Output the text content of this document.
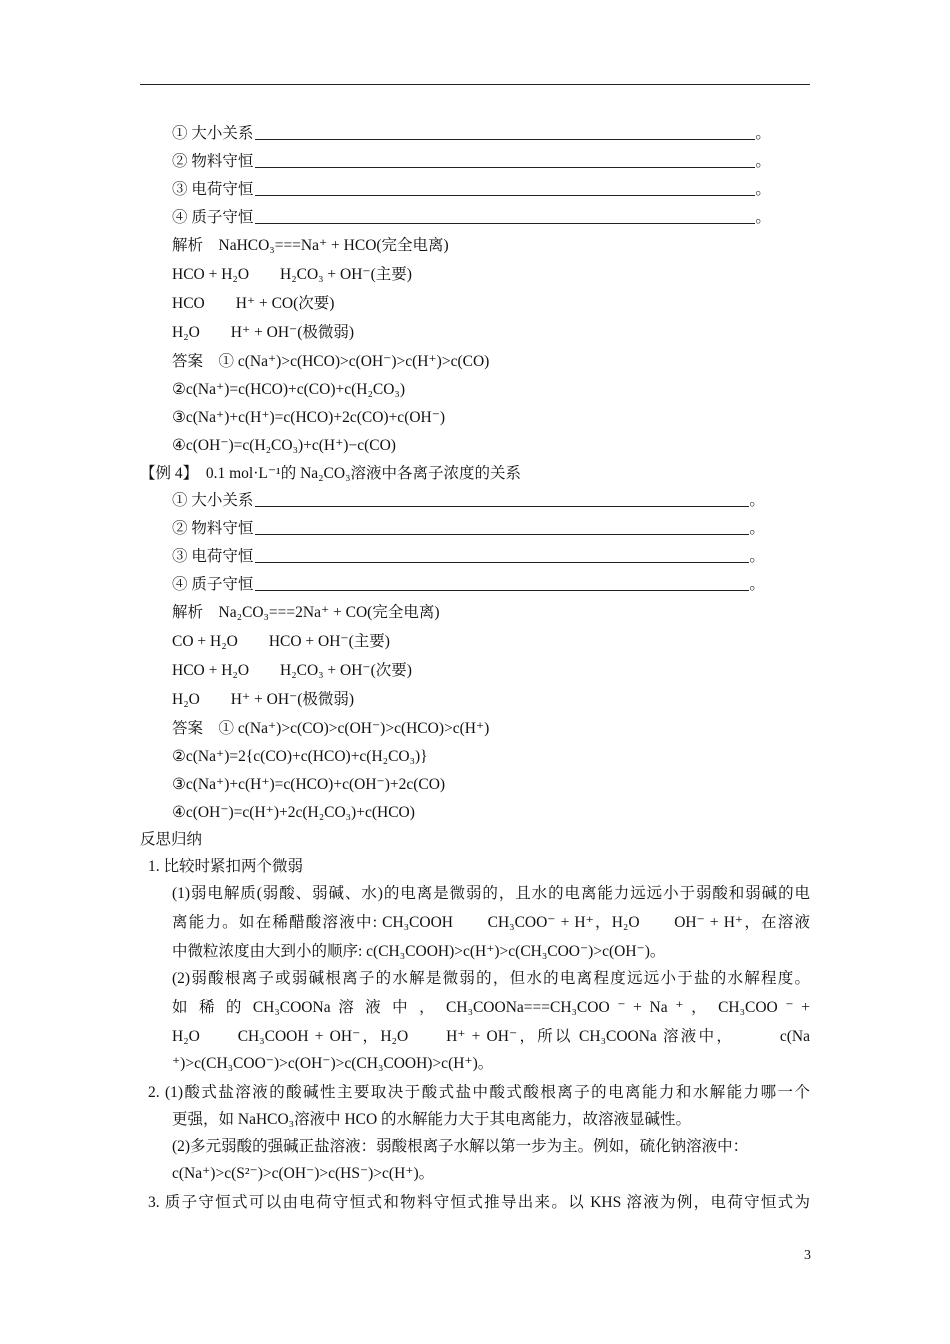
① 大小关系	。
② 物料守恒	。
③ 电荷守恒	。
④ 质子守恒	。
解析　NaHCO₃===Na⁺ + HCO(完全电离)
HCO + H₂O　　H₂CO₃ + OH⁻(主要)
HCO　　H⁺ + CO(次要)
H₂O　　H⁺ + OH⁻(极微弱)
答案　① c(Na⁺)>c(HCO)>c(OH⁻)>c(H⁺)>c(CO)
②c(Na⁺)=c(HCO)+c(CO)+c(H₂CO₃)
③c(Na⁺)+c(H⁺)=c(HCO)+2c(CO)+c(OH⁻)
④c(OH⁻)=c(H₂CO₃)+c(H⁺)−c(CO)
【例 4】　0.1 mol·L⁻¹的 Na₂CO₃溶液中各离子浓度的关系
① 大小关系	。
② 物料守恒	。
③ 电荷守恒	。
④ 质子守恒	。
解析　Na₂CO₃===2Na⁺ + CO(完全电离)
CO + H₂O　　HCO + OH⁻(主要)
HCO + H₂O　　H₂CO₃ + OH⁻(次要)
H₂O　　H⁺ + OH⁻(极微弱)
答案　① c(Na⁺)>c(CO)>c(OH⁻)>c(HCO)>c(H⁺)
②c(Na⁺)=2{c(CO)+c(HCO)+c(H₂CO₃)}
③c(Na⁺)+c(H⁺)=c(HCO)+c(OH⁻)+2c(CO)
④c(OH⁻)=c(H⁺)+2c(H₂CO₃)+c(HCO)
反思归纳
1. 比较时紧扣两个微弱
(1)弱电解质(弱酸、弱碱、水)的电离是微弱的，且水的电离能力远远小于弱酸和弱碱的电
离能力。如在稀醋酸溶液中: CH₃COOH　　CH₃COO⁻ + H⁺，H₂O　　OH⁻ + H⁺，在溶液
中微粒浓度由大到小的顺序: c(CH₃COOH)>c(H⁺)>c(CH₃COO⁻)>c(OH⁻)。
(2)弱酸根离子或弱碱根离子的水解是微弱的，但水的电离程度远远小于盐的水解程度。
如 稀 的 CH₃COONa 溶 液 中 ， CH₃COONa===CH₃COO ⁻ + Na ⁺ ， CH₃COO ⁻ +
H₂O　　CH₃COOH + OH⁻，H₂O　　H⁺ + OH⁻，所以 CH₃COONa 溶液中，　　　c(Na
⁺)>c(CH₃COO⁻)>c(OH⁻)>c(CH₃COOH)>c(H⁺)。
2. (1)酸式盐溶液的酸碱性主要取决于酸式盐中酸式酸根离子的电离能力和水解能力哪一个
更强，如 NaHCO₃溶液中 HCO 的水解能力大于其电离能力，故溶液显碱性。
(2)多元弱酸的强碱正盐溶液：弱酸根离子水解以第一步为主。例如，硫化钠溶液中：
c(Na⁺)>c(S²⁻)>c(OH⁻)>c(HS⁻)>c(H⁺)。
3. 质子守恒式可以由电荷守恒式和物料守恒式推导出来。以 KHS 溶液为例，电荷守恒式为
3
